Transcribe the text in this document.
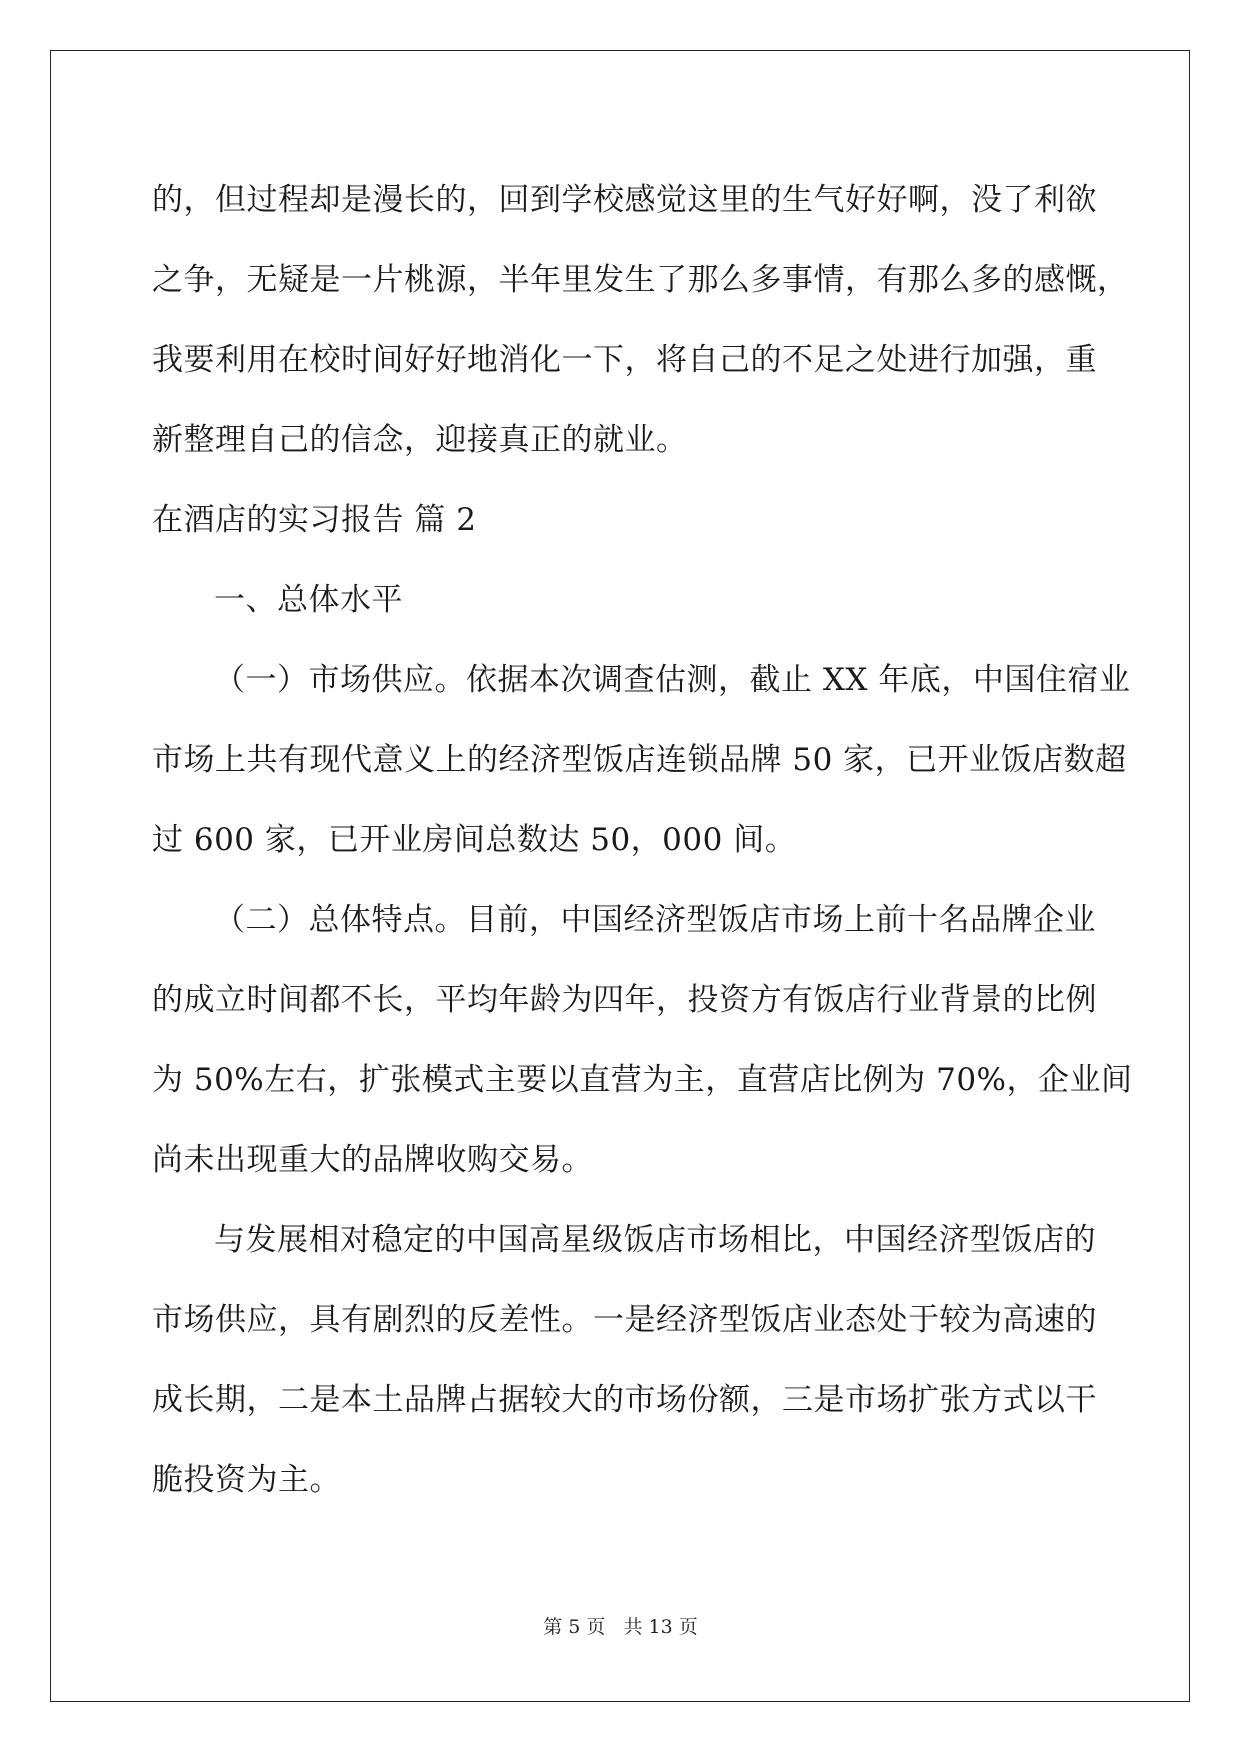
的，但过程却是漫长的，回到学校感觉这里的生气好好啊，没了利欲
之争，无疑是一片桃源，半年里发生了那么多事情，有那么多的感慨，
我要利用在校时间好好地消化一下，将自己的不足之处进行加强，重
新整理自己的信念，迎接真正的就业。
在酒店的实习报告 篇 2
一、总体水平
（一）市场供应。依据本次调查估测，截止 XX 年底，中国住宿业
市场上共有现代意义上的经济型饭店连锁品牌 50 家，已开业饭店数超
过 600 家，已开业房间总数达 50，000 间。
（二）总体特点。目前，中国经济型饭店市场上前十名品牌企业
的成立时间都不长，平均年龄为四年，投资方有饭店行业背景的比例
为 50%左右，扩张模式主要以直营为主，直营店比例为 70%，企业间
尚未出现重大的品牌收购交易。
与发展相对稳定的中国高星级饭店市场相比，中国经济型饭店的
市场供应，具有剧烈的反差性。一是经济型饭店业态处于较为高速的
成长期，二是本土品牌占据较大的市场份额，三是市场扩张方式以干
脆投资为主。
第 5 页 共 13 页
